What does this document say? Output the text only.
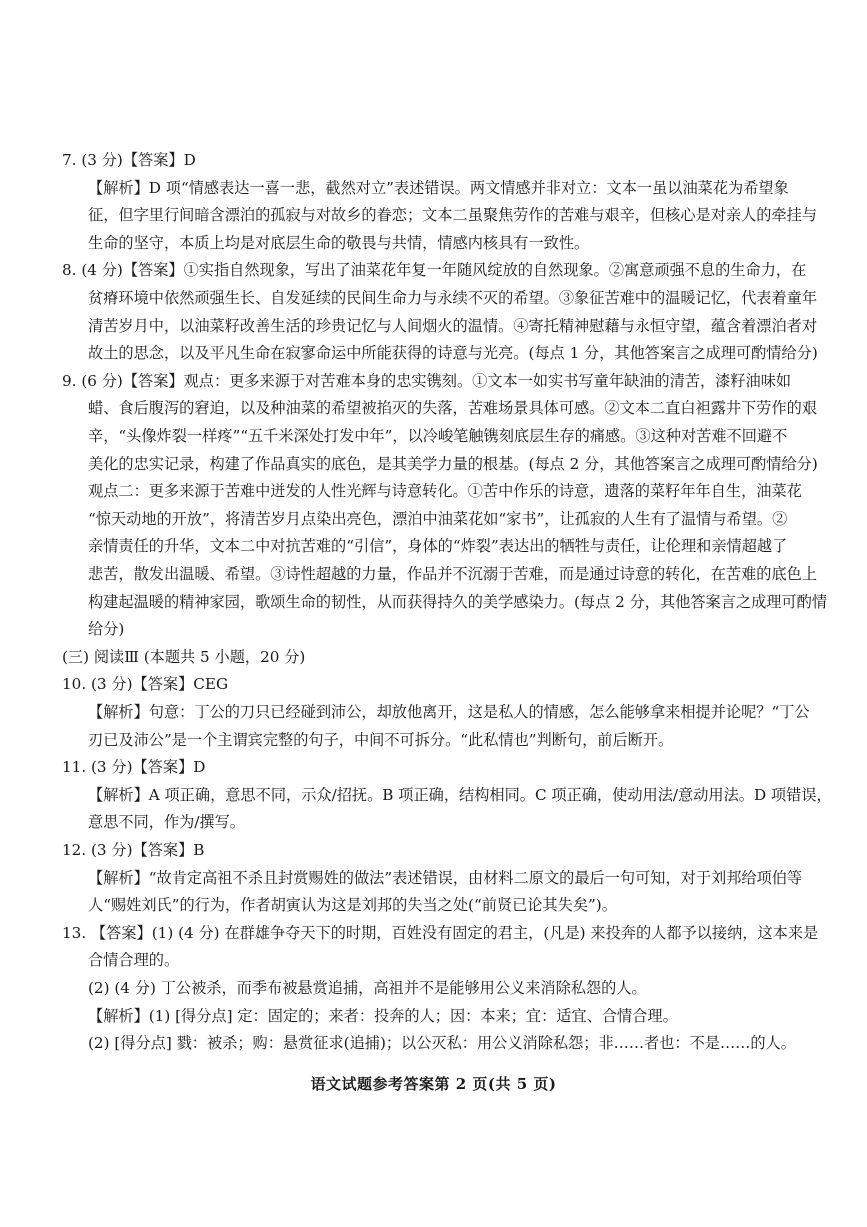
7. (3 分)【答案】D
【解析】D 项“情感表达一喜一悲，截然对立”表述错误。两文情感并非对立：文本一虽以油菜花为希望象
征，但字里行间暗含漂泊的孤寂与对故乡的眷恋；文本二虽聚焦劳作的苦难与艰辛，但核心是对亲人的牵挂与
生命的坚守，本质上均是对底层生命的敬畏与共情，情感内核具有一致性。
8. (4 分)【答案】①实指自然现象，写出了油菜花年复一年随风绽放的自然现象。②寓意顽强不息的生命力，在
贫瘠环境中依然顽强生长、自发延续的民间生命力与永续不灭的希望。③象征苦难中的温暖记忆，代表着童年
清苦岁月中，以油菜籽改善生活的珍贵记忆与人间烟火的温情。④寄托精神慰藉与永恒守望，蕴含着漂泊者对
故土的思念，以及平凡生命在寂寥命运中所能获得的诗意与光亮。(每点 1 分，其他答案言之成理可酌情给分)
9. (6 分)【答案】观点：更多来源于对苦难本身的忠实镌刻。①文本一如实书写童年缺油的清苦，漆籽油味如
蜡、食后腹泻的窘迫，以及种油菜的希望被掐灭的失落，苦难场景具体可感。②文本二直白袒露井下劳作的艰
辛，“头像炸裂一样疼”“五千米深处打发中年”，以冷峻笔触镌刻底层生存的痛感。③这种对苦难不回避不
美化的忠实记录，构建了作品真实的底色，是其美学力量的根基。(每点 2 分，其他答案言之成理可酌情给分)
观点二：更多来源于苦难中迸发的人性光辉与诗意转化。①苦中作乐的诗意，遗落的菜籽年年自生，油菜花
“惊天动地的开放”，将清苦岁月点染出亮色，漂泊中油菜花如“家书”，让孤寂的人生有了温情与希望。②
亲情责任的升华，文本二中对抗苦难的“引信”，身体的“炸裂”表达出的牺牲与责任，让伦理和亲情超越了
悲苦，散发出温暖、希望。③诗性超越的力量，作品并不沉溺于苦难，而是通过诗意的转化，在苦难的底色上
构建起温暖的精神家园，歌颂生命的韧性，从而获得持久的美学感染力。(每点 2 分，其他答案言之成理可酌情
给分)
(三) 阅读Ⅲ (本题共 5 小题，20 分)
10. (3 分)【答案】CEG
【解析】句意：丁公的刀只已经碰到沛公，却放他离开，这是私人的情感，怎么能够拿来相提并论呢？“丁公
刃已及沛公”是一个主谓宾完整的句子，中间不可拆分。“此私情也”判断句，前后断开。
11. (3 分)【答案】D
【解析】A 项正确，意思不同，示众/招抚。B 项正确，结构相同。C 项正确，使动用法/意动用法。D 项错误，
意思不同，作为/撰写。
12. (3 分)【答案】B
【解析】“故肯定高祖不杀且封赏赐姓的做法”表述错误，由材料二原文的最后一句可知，对于刘邦给项伯等
人“赐姓刘氏”的行为，作者胡寅认为这是刘邦的失当之处(“前贤已论其失矣”)。
13. 【答案】(1) (4 分) 在群雄争夺天下的时期，百姓没有固定的君主，(凡是) 来投奔的人都予以接纳，这本来是
合情合理的。
(2) (4 分) 丁公被杀，而季布被悬赏追捕，高祖并不是能够用公义来消除私怨的人。
【解析】(1) [得分点] 定：固定的；来者：投奔的人；因：本来；宜：适宜、合情合理。
(2) [得分点] 戮：被杀；购：悬赏征求(追捕)；以公灭私：用公义消除私怨；非……者也：不是……的人。
语文试题参考答案第 2 页(共 5 页)
